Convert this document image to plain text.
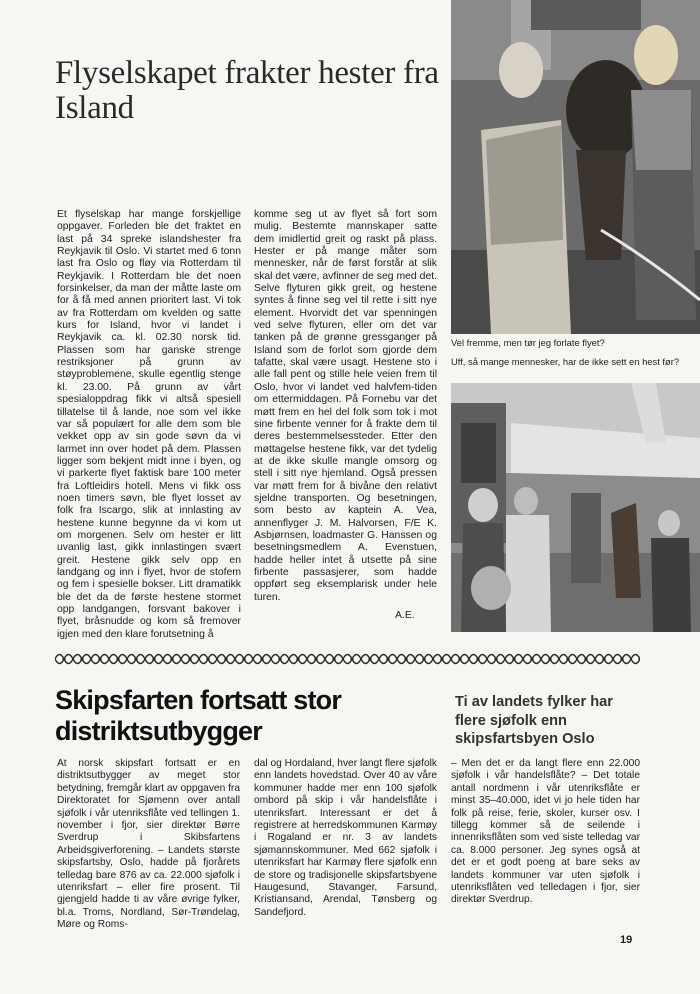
Flyselskapet frakter hester fra Island

Et flyselskap har mange forskjellige oppgaver. Forleden ble det fraktet en last på 34 spreke islandshester fra Reykjavik til Oslo. Vi startet med 6 tonn last fra Oslo og fløy via Rotterdam til Reykjavik. I Rotterdam ble det noen forsinkelser, da man der måtte laste om for å få med annen prioritert last. Vi tok av fra Rotterdam om kvelden og satte kurs for Island, hvor vi landet i Reykjavik ca. kl. 02.30 norsk tid. Plassen som har ganske strenge restriksjoner på grunn av støyproblemene, skulle egentlig stenge kl. 23.00. På grunn av vårt spesialoppdrag fikk vi altså spesiell tillatelse til å lande, noe som vel ikke var så populært for alle dem som ble vekket opp av sin gode søvn da vi larmet inn over hodet på dem. Plassen ligger som bekjent midt inne i byen, og vi parkerte flyet faktisk bare 100 meter fra Loftleidirs hotell. Mens vi fikk oss noen timers søvn, ble flyet losset av folk fra Iscargo, slik at innlasting av hestene kunne begynne da vi kom ut om morgenen. Selv om hester er litt uvanlig last, gikk innlastingen svært greit. Hestene gikk selv opp en landgang og inn i flyet, hvor de stofem og fem i spesielle bokser. Litt dramatikk ble det da de første hestene stormet opp landgangen, forsvant bakover i flyet, bråsnudde og kom så fremover igjen med den klare forutsetning å

komme seg ut av flyet så fort som mulig. Bestemte mannskaper satte dem imidlertid greit og raskt på plass. Hester er på mange måter som mennesker, når de først forstår at slik skal det være, avfinner de seg med det. Selve flyturen gikk greit, og hestene syntes å finne seg vel til rette i sitt nye element. Hvorvidt det var spenningen ved selve flyturen, eller om det var tanken på de grønne gressganger på Island som de forlot som gjorde dem tafatte, skal være usagt. Hestene sto i alle fall pent og stille hele veien frem til Oslo, hvor vi landet ved halvfem-tiden om ettermiddagen. På Fornebu var det møtt frem en hel del folk som tok i mot sine firbente venner for å frakte dem til deres bestemmelsessteder. Etter den møttagelse hestene fikk, var det tydelig at de ikke skulle mangle omsorg og stell i sitt nye hjemland. Også pressen var møtt frem for å bivåne den relativt sjeldne transporten. Og besetningen, som besto av kaptein A. Vea, annenflyger J. M. Halvorsen, F/E K. Asbjørnsen, loadmaster G. Hanssen og besetningsmedlem A. Evenstuen, hadde heller intet å utsette på sine firbente passasjerer, som hadde oppført seg eksemplarisk under hele turen.

A.E.
Vel fremme, men tør jeg forlate flyet?
Uff, så mange mennesker, har de ikke sett en hest før?
Skipsfarten fortsatt stor distriktsutbygger
Ti av landets fylker har flere sjøfolk enn skipsfartsbyen Oslo

At norsk skipsfart fortsatt er en distriktsutbygger av meget stor betydning, fremgår klart av oppgaven fra Direktoratet for Sjømenn over antall sjøfolk i vår utenriksflåte ved tellingen 1. november i fjor, sier direktør Børre Sverdrup i Skibsfartens Arbeidsgiverforening. – Landets største skipsfartsby, Oslo, hadde på fjorårets telledag bare 876 av ca. 22.000 sjøfolk i utenriksfart – eller fire prosent. Til gjengjeld hadde ti av våre øvrige fylker, bl.a. Troms, Nordland, Sør-Trøndelag, Møre og Roms-

dal og Hordaland, hver langt flere sjøfolk enn landets hovedstad. Over 40 av våre kommuner hadde mer enn 100 sjøfolk ombord på skip i vår handelsflåte i utenriksfart. Interessant er det å registrere at herredskommunen Karmøy i Rogaland er nr. 3 av landets sjømannskommuner. Med 662 sjøfolk i utenriksfart har Karmøy flere sjøfolk enn de store og tradisjonelle skipsfartsbyene Haugesund, Stavanger, Farsund, Kristiansand, Arendal, Tønsberg og Sandefjord.

– Men det er da langt flere enn 22.000 sjøfolk i vår handelsflåte? – Det totale antall nordmenn i vår utenriksflåte er minst 35–40.000, idet vi jo hele tiden har folk på reise, ferie, skoler, kurser osv. I tillegg kommer så de seilende i innenriksflåten som ved siste telledag var ca. 8.000 personer. Jeg synes også at det er et godt poeng at bare seks av landets kommuner var uten sjøfolk i utenriksflåten ved telledagen i fjor, sier direktør Sverdrup.

19
